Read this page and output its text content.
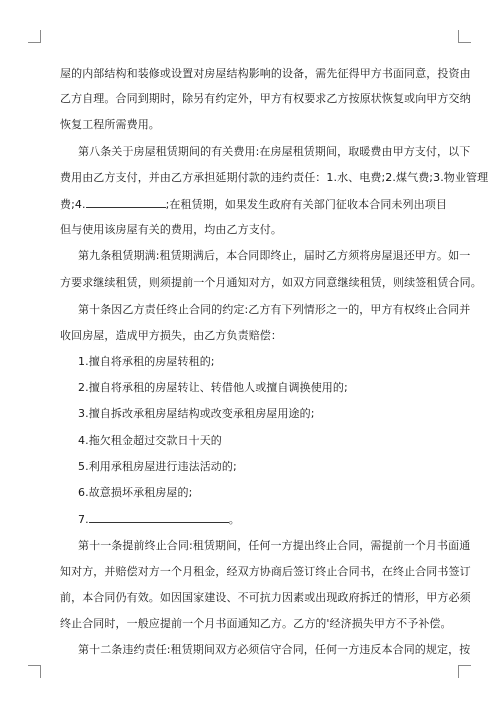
屋的内部结构和装修或设置对房屋结构影响的设备，需先征得甲方书面同意，投资由
乙方自理。合同到期时，除另有约定外，甲方有权要求乙方按原状恢复或向甲方交纳
恢复工程所需费用。
第八条关于房屋租赁期间的有关费用:在房屋租赁期间，取暖费由甲方支付，以下
费用由乙方支付，并由乙方承担延期付款的违约责任：1.水、电费;2.煤气费;3.物业管理
费;4.	;在租赁期，如果发生政府有关部门征收本合同未列出项目
但与使用该房屋有关的费用，均由乙方支付。
第九条租赁期满:租赁期满后，本合同即终止，届时乙方须将房屋退还甲方。如一
方要求继续租赁，则须提前一个月通知对方，如双方同意继续租赁，则续签租赁合同。
第十条因乙方责任终止合同的约定:乙方有下列情形之一的，甲方有权终止合同并
收回房屋，造成甲方损失，由乙方负责赔偿：
1.擅自将承租的房屋转租的;
2.擅自将承租的房屋转让、转借他人或擅自调换使用的;
3.擅自拆改承租房屋结构或改变承租房屋用途的;
4.拖欠租金超过交款日十天的
5.利用承租房屋进行违法活动的;
6.故意损坏承租房屋的;
7.	。
第十一条提前终止合同:租赁期间，任何一方提出终止合同，需提前一个月书面通
知对方，并赔偿对方一个月租金，经双方协商后签订终止合同书，在终止合同书签订
前，本合同仍有效。如因国家建设、不可抗力因素或出现政府拆迁的情形，甲方必须
终止合同时，一般应提前一个月书面通知乙方。乙方的'经济损失甲方不予补偿。
第十二条违约责任:租赁期间双方必须信守合同，任何一方违反本合同的规定，按
